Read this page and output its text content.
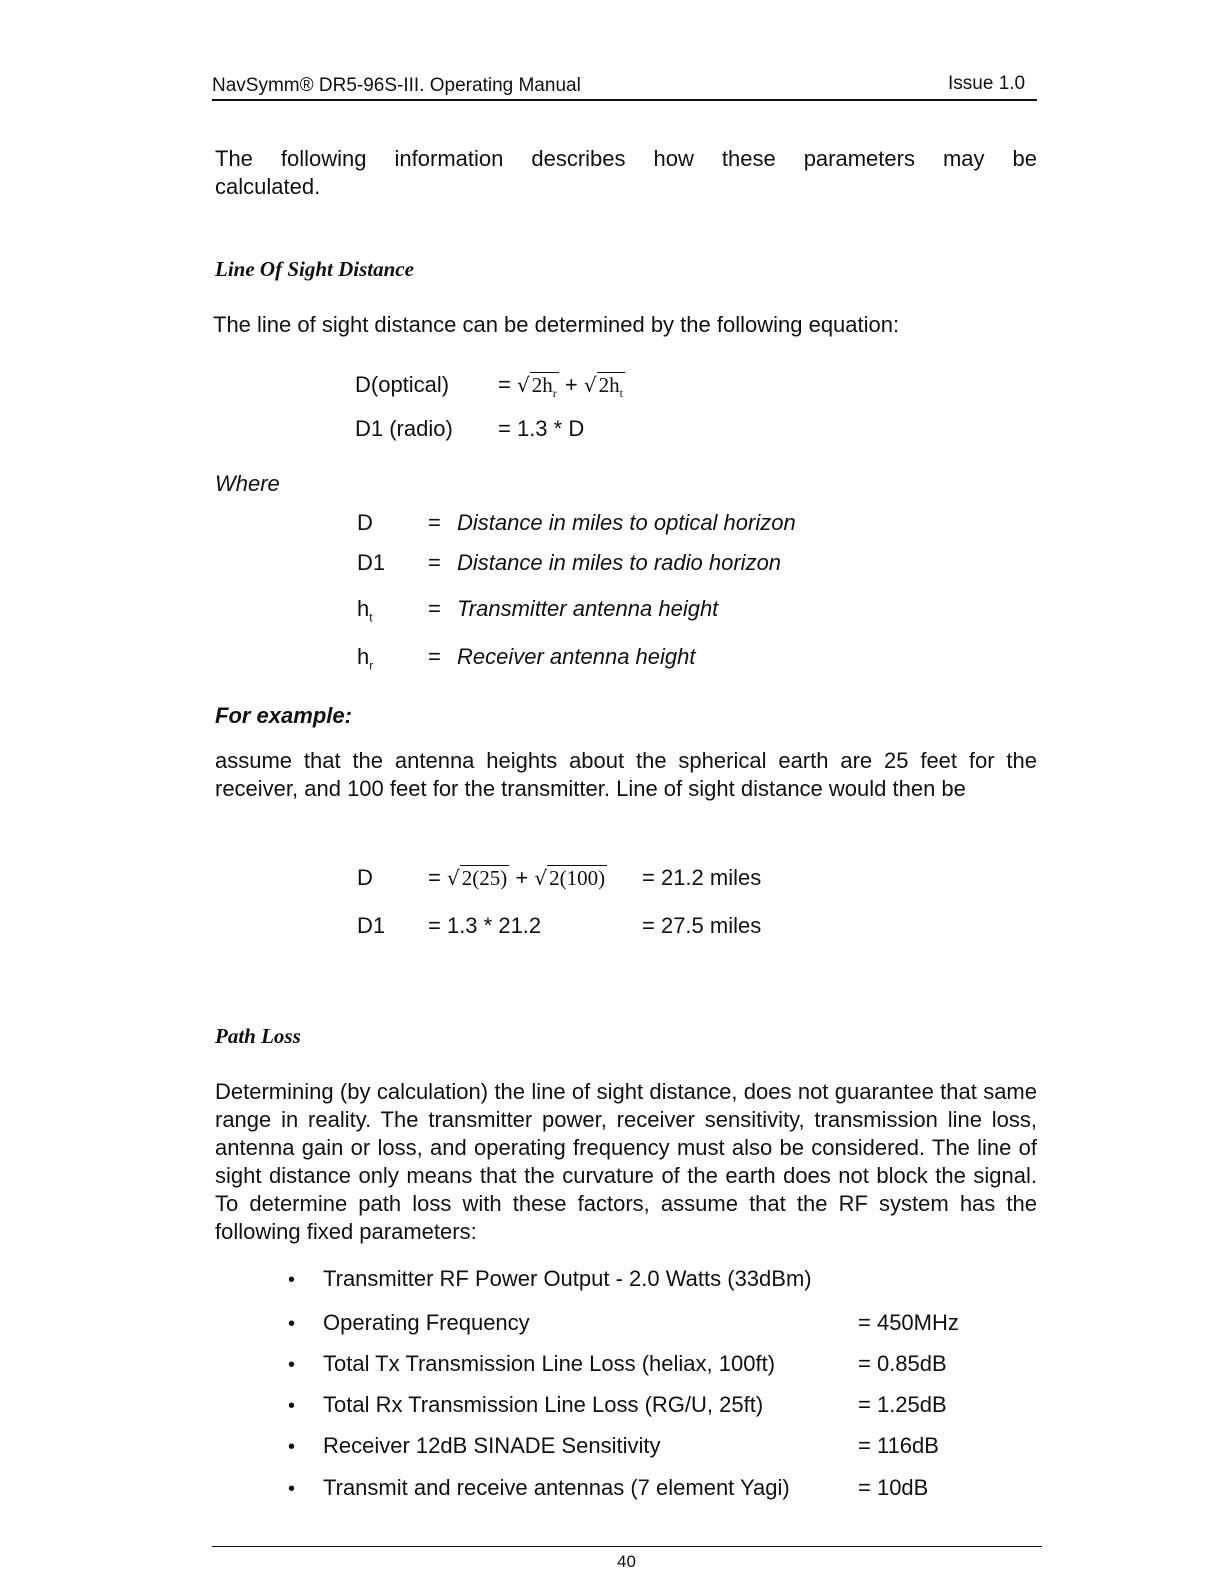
NavSymm® DR5-96S-III. Operating Manual	Issue 1.0
The following information describes how these parameters may be calculated.
Line Of Sight Distance
The line of sight distance can be determined by the following equation:
D(optical) = $√2h_r + √2h_t$
D1 (radio) = 1.3 * D
Where
D	= Distance in miles to optical horizon
D1 = Distance in miles to radio horizon
$h_t$	= Transmitter antenna height
$h_r$ = Receiver antenna height
For example:
assume that the antenna heights about the spherical earth are 25 feet for the receiver, and 100 feet for the transmitter. Line of sight distance would then be
D	= √2(25) + √2(100) = 21.2 miles
D1 = 1.3 * 21.2	= 27.5 miles
Path Loss
Determining (by calculation) the line of sight distance, does not guarantee that same range in reality. The transmitter power, receiver sensitivity, transmission line loss, antenna gain or loss, and operating frequency must also be considered. The line of sight distance only means that the curvature of the earth does not block the signal. To determine path loss with these factors, assume that the RF system has the following fixed parameters:
• Transmitter RF Power Output - 2.0 Watts (33dBm)
• Operating Frequency	= 450MHz
• Total Tx Transmission Line Loss (heliax, 100ft)	= 0.85dB
• Total Rx Transmission Line Loss (RG/U, 25ft)	= 1.25dB
• Receiver 12dB SINADE Sensitivity	= 116dB
• Transmit and receive antennas (7 element Yagi)	= 10dB
40
